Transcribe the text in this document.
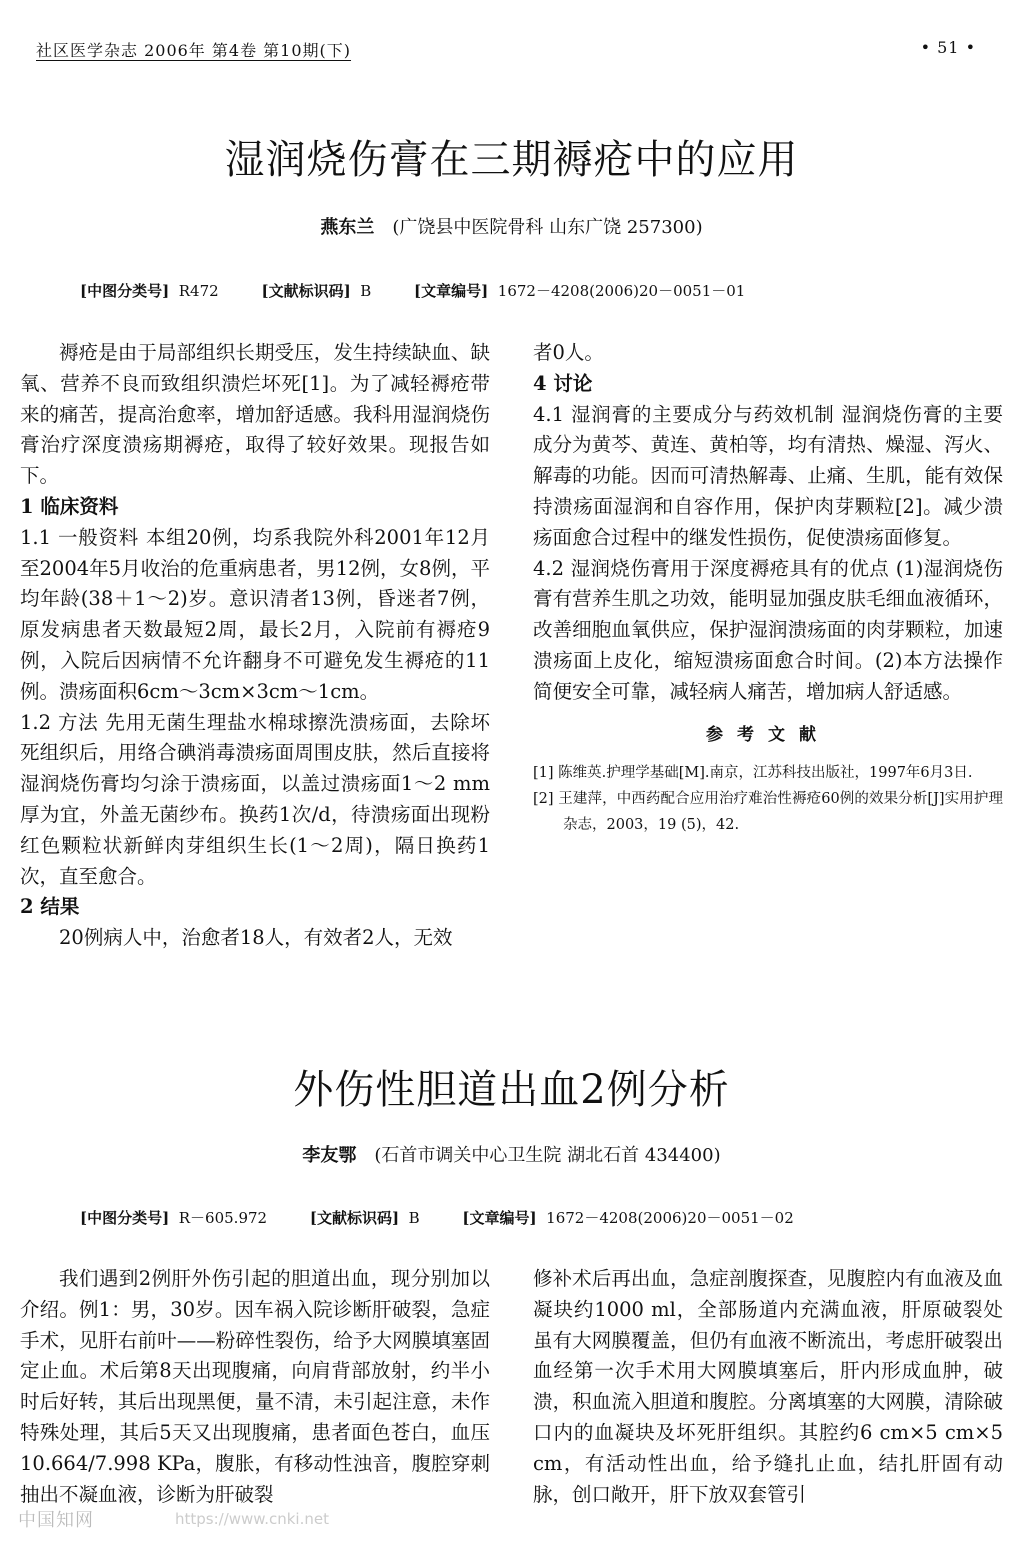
社区医学杂志 2006年 第4卷 第10期(下)	• 51 •
湿润烧伤膏在三期褥疮中的应用
燕东兰 (广饶县中医院骨科 山东广饶 257300)
[中图分类号] R472	[文献标识码] B	[文章编号] 1672－4208(2006)20－0051－01

褥疮是由于局部组织长期受压，发生持续缺血、缺氧、营养不良而致组织溃烂坏死[1]。为了减轻褥疮带来的痛苦，提高治愈率，增加舒适感。我科用湿润烧伤膏治疗深度溃疡期褥疮，取得了较好效果。现报告如下。

1 临床资料

1.1 一般资料 本组20例，均系我院外科2001年12月至2004年5月收治的危重病患者，男12例，女8例，平均年龄(38＋1～2)岁。意识清者13例，昏迷者7例，原发病患者天数最短2周，最长2月，入院前有褥疮9例，入院后因病情不允许翻身不可避免发生褥疮的11例。溃疡面积6cm～3cm×3cm～1cm。

1.2 方法 先用无菌生理盐水棉球擦洗溃疡面，去除坏死组织后，用络合碘消毒溃疡面周围皮肤，然后直接将湿润烧伤膏均匀涂于溃疡面，以盖过溃疡面1～2 mm厚为宜，外盖无菌纱布。换药1次/d，待溃疡面出现粉红色颗粒状新鲜肉芽组织生长(1～2周)，隔日换药1次，直至愈合。

2 结果

20例病人中，治愈者18人，有效者2人，无效

者0人。

4 讨论

4.1 湿润膏的主要成分与药效机制 湿润烧伤膏的主要成分为黄芩、黄连、黄柏等，均有清热、燥湿、泻火、解毒的功能。因而可清热解毒、止痛、生肌，能有效保持溃疡面湿润和自容作用，保护肉芽颗粒[2]。减少溃疡面愈合过程中的继发性损伤，促使溃疡面修复。

4.2 湿润烧伤膏用于深度褥疮具有的优点 (1)湿润烧伤膏有营养生肌之功效，能明显加强皮肤毛细血液循环，改善细胞血氧供应，保护湿润溃疡面的肉芽颗粒，加速溃疡面上皮化，缩短溃疡面愈合时间。(2)本方法操作简便安全可靠，减轻病人痛苦，增加病人舒适感。

参考文献

[1] 陈维英.护理学基础[M].南京，江苏科技出版社，1997年6月3日.

[2] 王建萍，中西药配合应用治疗难治性褥疮60例的效果分析[J]实用护理杂志，2003，19 (5)，42.

外伤性胆道出血2例分析
李友鄂 (石首市调关中心卫生院 湖北石首 434400)
[中图分类号] R－605.972	[文献标识码] B	[文章编号] 1672－4208(2006)20－0051－02

我们遇到2例肝外伤引起的胆道出血，现分别加以介绍。例1：男，30岁。因车祸入院诊断肝破裂，急症手术，见肝右前叶——粉碎性裂伤，给予大网膜填塞固定止血。术后第8天出现腹痛，向肩背部放射，约半小时后好转，其后出现黑便，量不清，未引起注意，未作特殊处理，其后5天又出现腹痛，患者面色苍白，血压10.664/7.998 KPa，腹胀，有移动性浊音，腹腔穿刺抽出不凝血液，诊断为肝破裂

修补术后再出血，急症剖腹探查，见腹腔内有血液及血凝块约1000 ml，全部肠道内充满血液，肝原破裂处虽有大网膜覆盖，但仍有血液不断流出，考虑肝破裂出血经第一次手术用大网膜填塞后，肝内形成血肿，破溃，积血流入胆道和腹腔。分离填塞的大网膜，清除破口内的血凝块及坏死肝组织。其腔约6 cm×5 cm×5 cm，有活动性出血，给予缝扎止血，结扎肝固有动脉，创口敞开，肝下放双套管引

中国知网	https://www.cnki.net
